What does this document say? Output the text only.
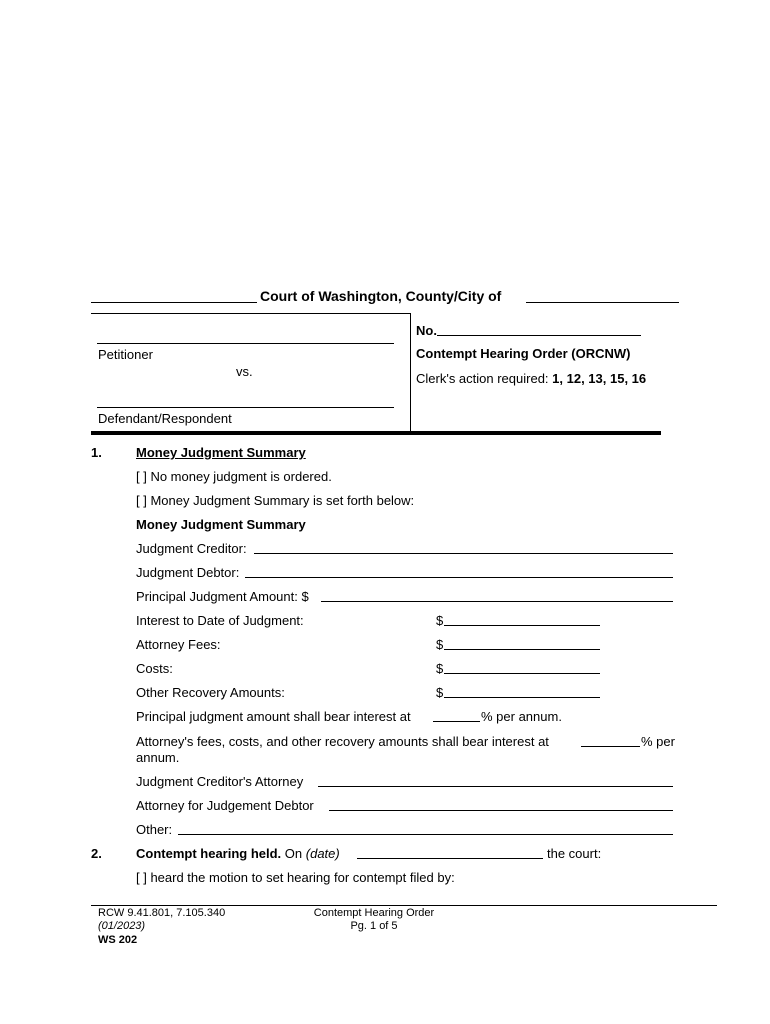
Court of Washington, County/City of
Petitioner
vs.
Defendant/Respondent
No.
Contempt Hearing Order (ORCNW)
Clerk's action required: 1, 12, 13, 15, 16
1.	Money Judgment Summary
[ ] No money judgment is ordered.
[ ] Money Judgment Summary is set forth below:
Money Judgment Summary
Judgment Creditor:
Judgment Debtor:
Principal Judgment Amount: $
Interest to Date of Judgment:	$
Attorney Fees:	$
Costs:	$
Other Recovery Amounts:	$
Principal judgment amount shall bear interest at	% per annum.
Attorney's fees, costs, and other recovery amounts shall bear interest at	% per
annum.
Judgment Creditor's Attorney
Attorney for Judgement Debtor
Other:
2.	Contempt hearing held. On (date)	the court:
[ ] heard the motion to set hearing for contempt filed by:
RCW 9.41.801, 7.105.340
(01/2023)
WS 202
Contempt Hearing Order
Pg. 1 of 5
